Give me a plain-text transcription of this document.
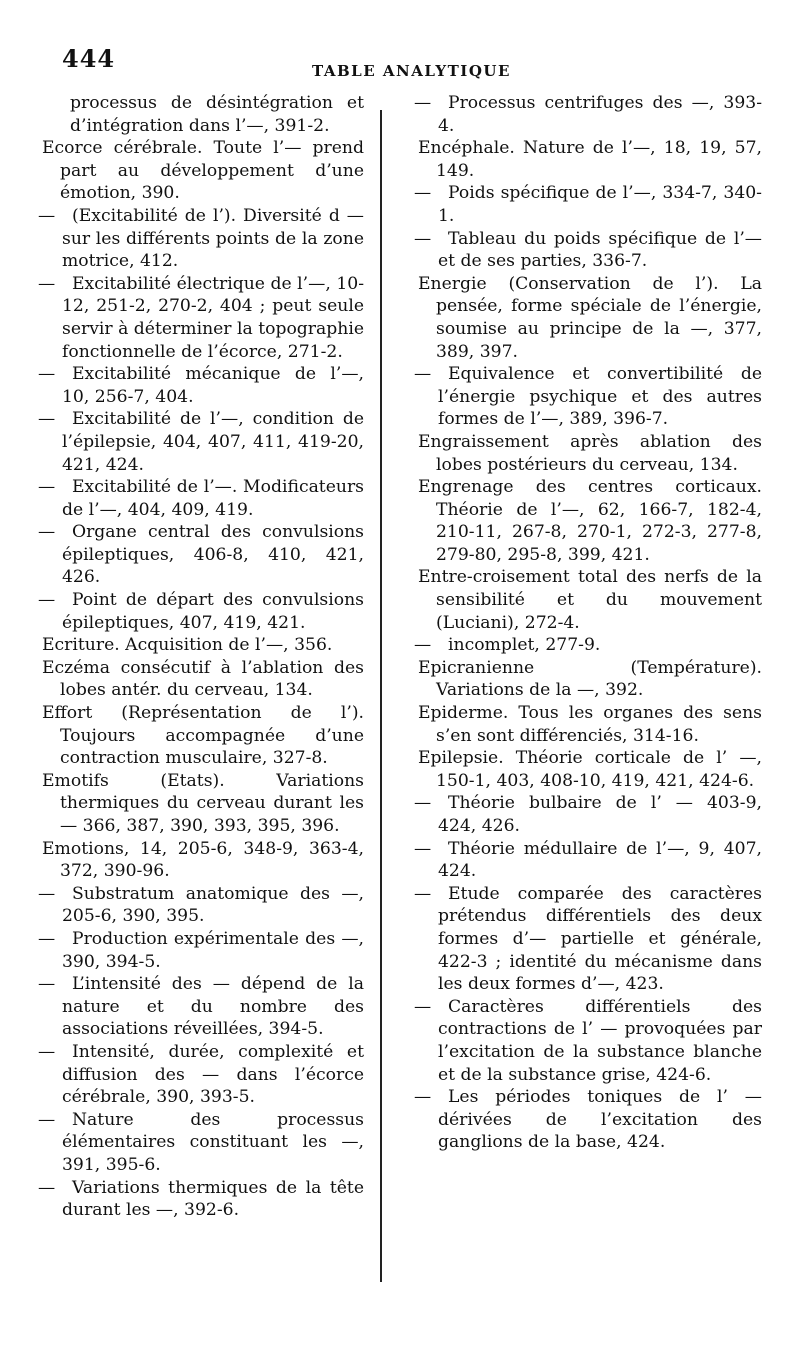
444	TABLE ANALYTIQUE

processus de désintégration et d’intégration dans l’—, 391-2.

Ecorce cérébrale. Toute l’— prend part au développement d’une émotion, 390.

— (Excitabilité de l’). Diversité d — sur les différents points de la zone motrice, 412.

— Excitabilité électrique de l’—, 10-12, 251-2, 270-2, 404 ; peut seule servir à déterminer la topographie fonctionnelle de l’écorce, 271-2.

— Excitabilité mécanique de l’—, 10, 256-7, 404.

— Excitabilité de l’—, condition de l’épilepsie, 404, 407, 411, 419-20, 421, 424.

— Excitabilité de l’—. Modificateurs de l’—, 404, 409, 419.

— Organe central des convulsions épileptiques, 406-8, 410, 421, 426.

— Point de départ des convulsions épileptiques, 407, 419, 421.

Ecriture. Acquisition de l’—, 356.

Eczéma consécutif à l’ablation des lobes antér. du cerveau, 134.

Effort (Représentation de l’). Toujours accompagnée d’une contraction musculaire, 327-8.

Emotifs (Etats). Variations thermiques du cerveau durant les — 366, 387, 390, 393, 395, 396.

Emotions, 14, 205-6, 348-9, 363-4, 372, 390-96.

— Substratum anatomique des —, 205-6, 390, 395.

— Production expérimentale des —, 390, 394-5.

— L’intensité des — dépend de la nature et du nombre des associations réveillées, 394-5.

— Intensité, durée, complexité et diffusion des — dans l’écorce cérébrale, 390, 393-5.

— Nature des processus élémentaires constituant les —, 391, 395-6.

— Variations thermiques de la tête durant les —, 392-6.

— Processus centrifuges des —, 393-4.

Encéphale. Nature de l’—, 18, 19, 57, 149.

— Poids spécifique de l’—, 334-7, 340-1.

— Tableau du poids spécifique de l’— et de ses parties, 336-7.

Energie (Conservation de l’). La pensée, forme spéciale de l’énergie, soumise au principe de la —, 377, 389, 397.

— Equivalence et convertibilité de l’énergie psychique et des autres formes de l’—, 389, 396-7.

Engraissement après ablation des lobes postérieurs du cerveau, 134.

Engrenage des centres corticaux. Théorie de l’—, 62, 166-7, 182-4, 210-11, 267-8, 270-1, 272-3, 277-8, 279-80, 295-8, 399, 421.

Entre-croisement total des nerfs de la sensibilité et du mouvement (Luciani), 272-4.

— incomplet, 277-9.

Epicranienne (Température). Variations de la —, 392.

Epiderme. Tous les organes des sens s’en sont différenciés, 314-16.

Epilepsie. Théorie corticale de l’ —, 150-1, 403, 408-10, 419, 421, 424-6.

— Théorie bulbaire de l’ — 403-9, 424, 426.

— Théorie médullaire de l’—, 9, 407, 424.

— Etude comparée des caractères prétendus différentiels des deux formes d’— partielle et générale, 422-3 ; identité du mécanisme dans les deux formes d’—, 423.

— Caractères différentiels des contractions de l’ — provoquées par l’excitation de la substance blanche et de la substance grise, 424-6.

— Les périodes toniques de l’ — dérivées de l’excitation des ganglions de la base, 424.
